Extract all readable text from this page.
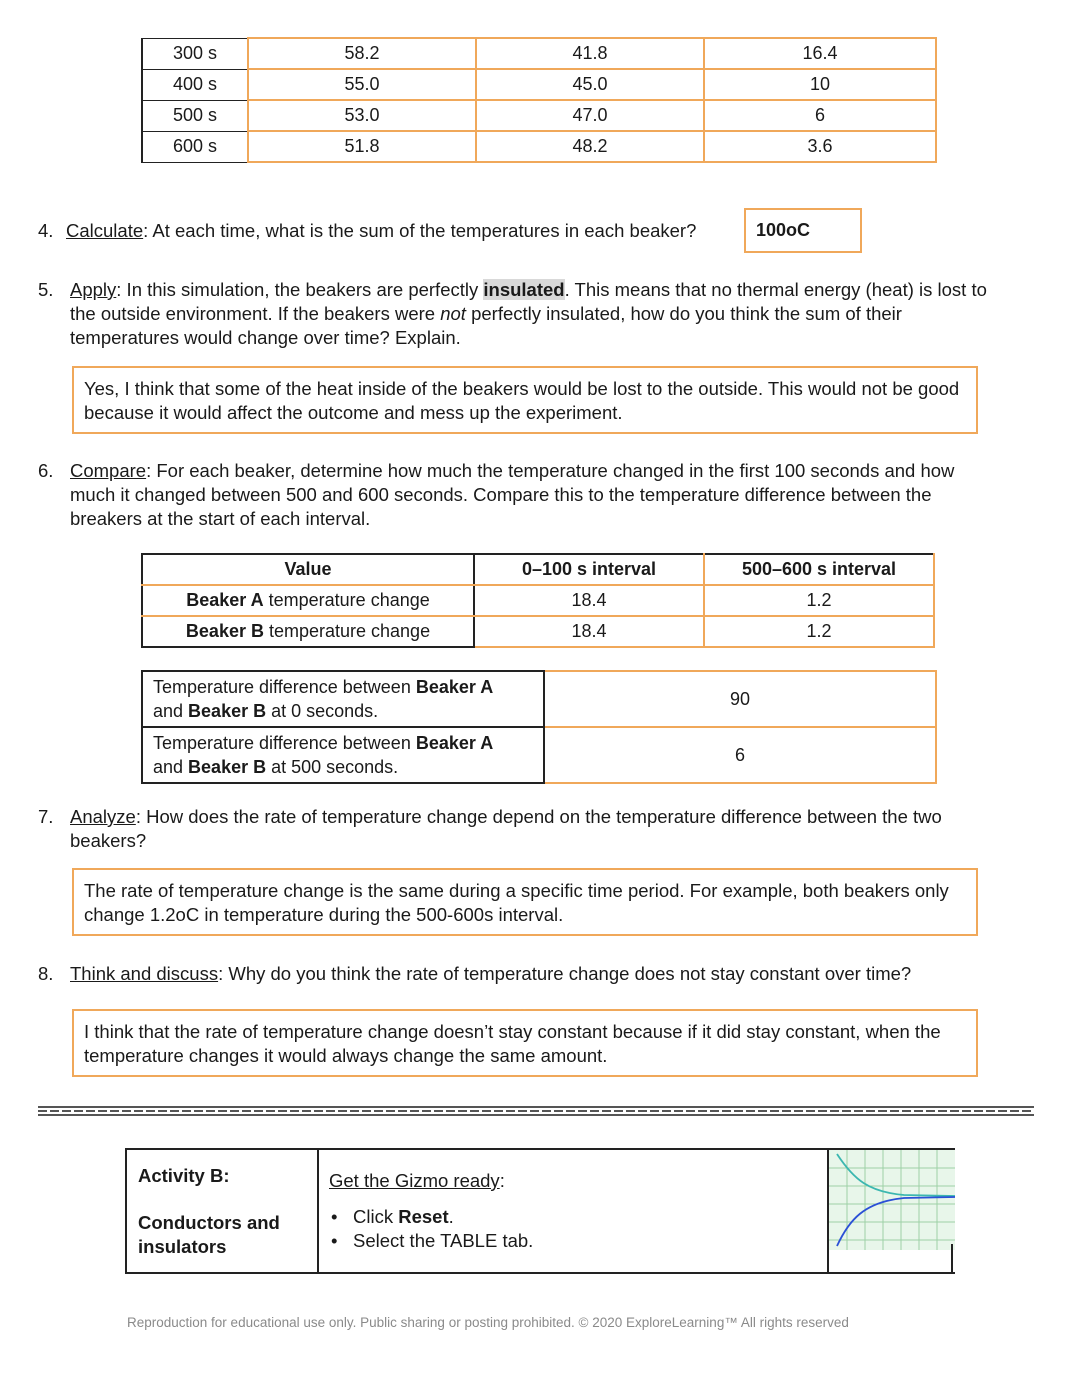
300 s	58.2	41.8	16.4
400 s	55.0	45.0	10
500 s	53.0	47.0	6
600 s	51.8	48.2	3.6
4. Calculate: At each time, what is the sum of the temperatures in each beaker?	100oC
5. Apply: In this simulation, the beakers are perfectly insulated. This means that no thermal energy (heat) is lost to the outside environment. If the beakers were not perfectly insulated, how do you think the sum of their temperatures would change over time? Explain.
Yes, I think that some of the heat inside of the beakers would be lost to the outside. This would not be good because it would affect the outcome and mess up the experiment.
6. Compare: For each beaker, determine how much the temperature changed in the first 100 seconds and how much it changed between 500 and 600 seconds. Compare this to the temperature difference between the breakers at the start of each interval.
Value	0–100 s interval	500–600 s interval
Beaker A temperature change	18.4	1.2
Beaker B temperature change	18.4	1.2
Temperature difference between Beaker A
and Beaker B at 0 seconds.	90
Temperature difference between Beaker A
and Beaker B at 500 seconds.	6
7. Analyze: How does the rate of temperature change depend on the temperature difference between the two beakers?
The rate of temperature change is the same during a specific time period. For example, both beakers only change 1.2oC in temperature during the 500-600s interval.
8. Think and discuss: Why do you think the rate of temperature change does not stay constant over time?
I think that the rate of temperature change doesn’t stay constant because if it did stay constant, when the temperature changes it would always change the same amount.
Activity B:
Conductors and insulators
Get the Gizmo ready:
• Click Reset.
• Select the TABLE tab.
Reproduction for educational use only. Public sharing or posting prohibited. © 2020 ExploreLearning™ All rights reserved
